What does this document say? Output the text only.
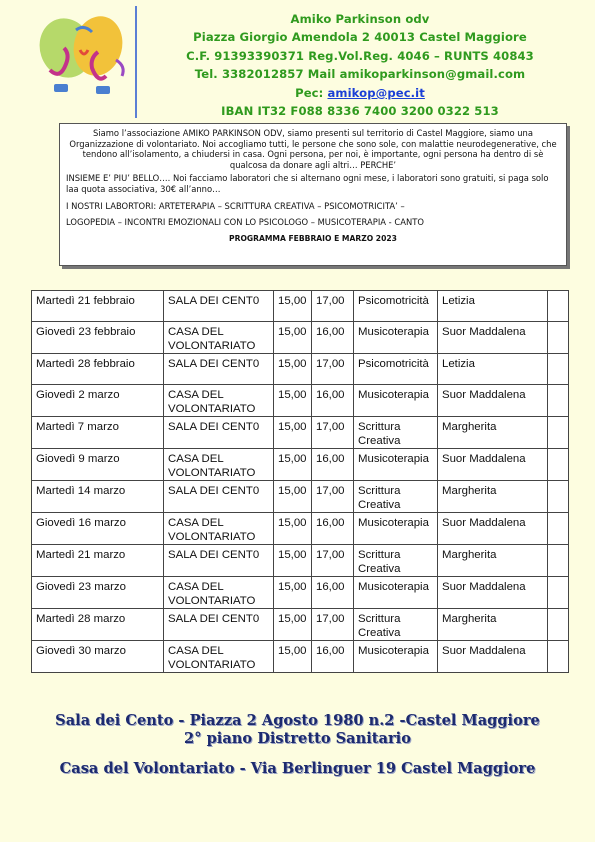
Amiko Parkinson odv
Piazza Giorgio Amendola 2 40013 Castel Maggiore
C.F. 91393390371 Reg.Vol.Reg. 4046 – RUNTS 40843
Tel. 3382012857 Mail amikoparkinson@gmail.com
Pec: amikop@pec.it
IBAN IT32 F088 8336 7400 3200 0322 513

Siamo l’associazione AMIKO PARKINSON ODV, siamo presenti sul territorio di Castel Maggiore, siamo una Organizzazione di volontariato. Noi accogliamo tutti, le persone che sono sole, con malattie neurodegenerative, che tendono all’isolamento, a chiudersi in casa. Ogni persona, per noi, è importante, ogni persona ha dentro di sè qualcosa da donare agli altri… PERCHE’

INSIEME E’ PIU’ BELLO…. Noi facciamo laboratori che si alternano ogni mese, i laboratori sono gratuiti, si paga solo laa quota associativa, 30€ all’anno…

I NOSTRI LABORTORI: ARTETERAPIA – SCRITTURA CREATIVA – PSICOMOTRICITA’ –

LOGOPEDIA – INCONTRI EMOZIONALI CON LO PSICOLOGO – MUSICOTERAPIA - CANTO

PROGRAMMA FEBBRAIO E MARZO 2023
Martedì 21 febbraio	SALA DEI CENT0	15,00	17,00	Psicomotricità	Letizia	
Giovedì 23 febbraio	CASA DEL VOLONTARIATO	15,00	16,00	Musicoterapia	Suor Maddalena	
Martedì 28 febbraio	SALA DEI CENT0	15,00	17,00	Psicomotricità	Letizia	
Giovedì 2 marzo	CASA DEL VOLONTARIATO	15,00	16,00	Musicoterapia	Suor Maddalena	
Martedì 7 marzo	SALA DEI CENT0	15,00	17,00	Scrittura Creativa	Margherita	
Giovedì 9 marzo	CASA DEL VOLONTARIATO	15,00	16,00	Musicoterapia	Suor Maddalena	
Martedì 14 marzo	SALA DEI CENT0	15,00	17,00	Scrittura Creativa	Margherita	
Giovedì 16 marzo	CASA DEL VOLONTARIATO	15,00	16,00	Musicoterapia	Suor Maddalena	
Martedì 21 marzo	SALA DEI CENT0	15,00	17,00	Scrittura Creativa	Margherita	
Giovedì 23 marzo	CASA DEL VOLONTARIATO	15,00	16,00	Musicoterapia	Suor Maddalena	
Martedì 28 marzo	SALA DEI CENT0	15,00	17,00	Scrittura Creativa	Margherita	
Giovedì 30 marzo	CASA DEL VOLONTARIATO	15,00	16,00	Musicoterapia	Suor Maddalena	
Sala dei Cento - Piazza 2 Agosto 1980 n.2 -Castel Maggiore
2° piano Distretto Sanitario
Casa del Volontariato - Via Berlinguer 19 Castel Maggiore
